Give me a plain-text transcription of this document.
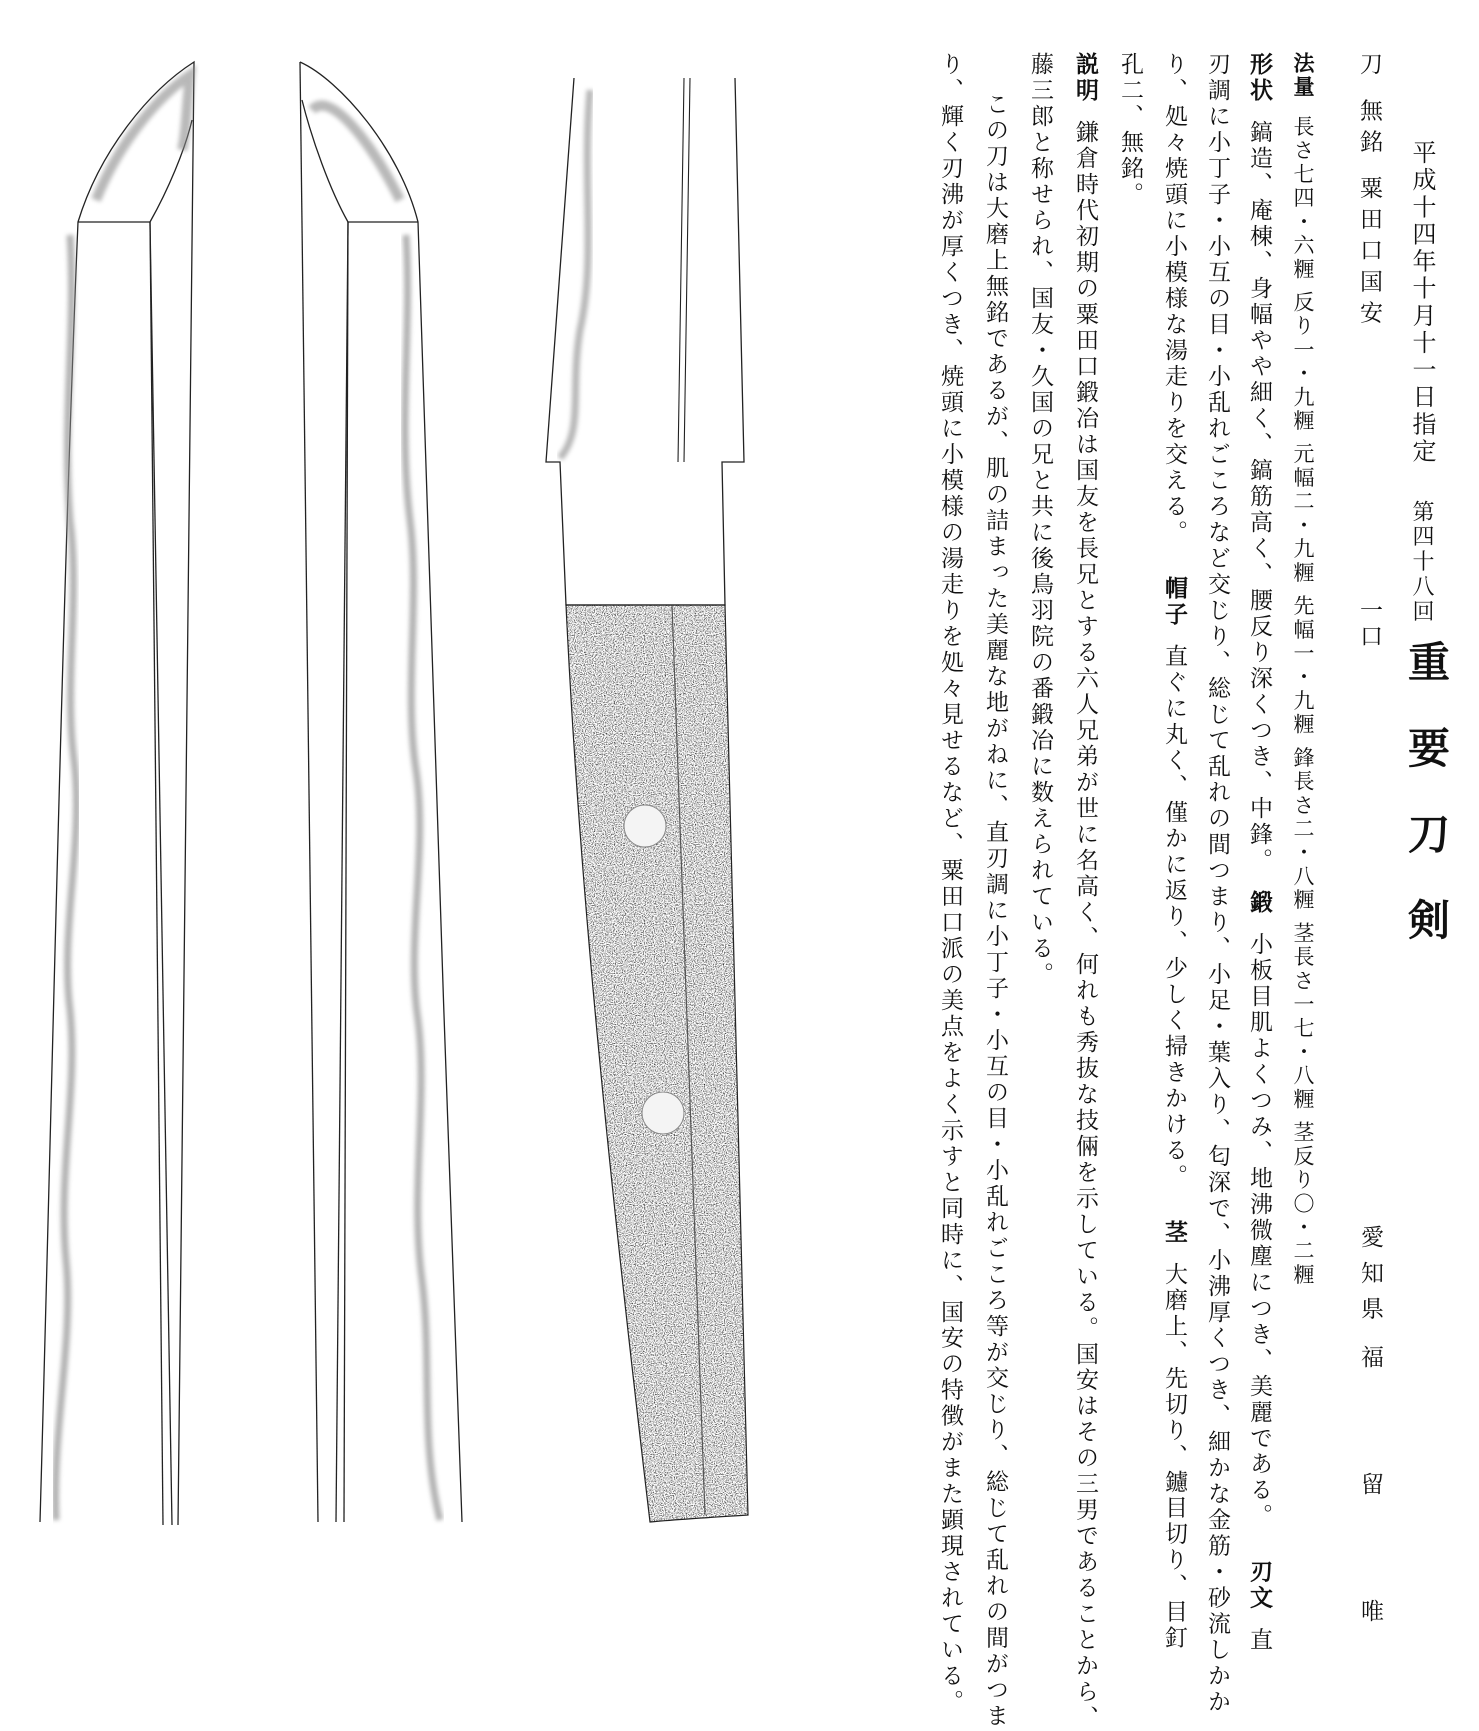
平成十四年十月十一日指定
第四十八回
重 要 刀 剣
愛知県
福 留 唯
刀 無銘 粟田口国安
一口
法量長さ七四・六糎 反り一・九糎 元幅二・九糎 先幅一・九糎 鋒長さ二・八糎 茎長さ一七・八糎 茎反り〇・二糎
形状鎬造、庵棟、身幅やや細く、鎬筋高く、腰反り深くつき、中鋒。鍛小板目肌よくつみ、地沸微塵につき、美麗である。刃文直
刃調に小丁子・小互の目・小乱れごころなど交じり、総じて乱れの間つまり、小足・葉入り、匂深で、小沸厚くつき、細かな金筋・砂流しかか
り、処々焼頭に小模様な湯走りを交える。帽子直ぐに丸く、僅かに返り、少しく掃きかける。茎大磨上、先切り、鑢目切り、目釘
孔二、無銘。
説明鎌倉時代初期の粟田口鍛冶は国友を長兄とする六人兄弟が世に名高く、何れも秀抜な技倆を示している。国安はその三男であることから、
藤三郎と称せられ、国友・久国の兄と共に後鳥羽院の番鍛冶に数えられている。
この刀は大磨上無銘であるが、肌の詰まった美麗な地がねに、直刃調に小丁子・小互の目・小乱れごころ等が交じり、総じて乱れの間がつま
り、輝く刃沸が厚くつき、焼頭に小模様の湯走りを処々見せるなど、粟田口派の美点をよく示すと同時に、国安の特徴がまた顕現されている。
